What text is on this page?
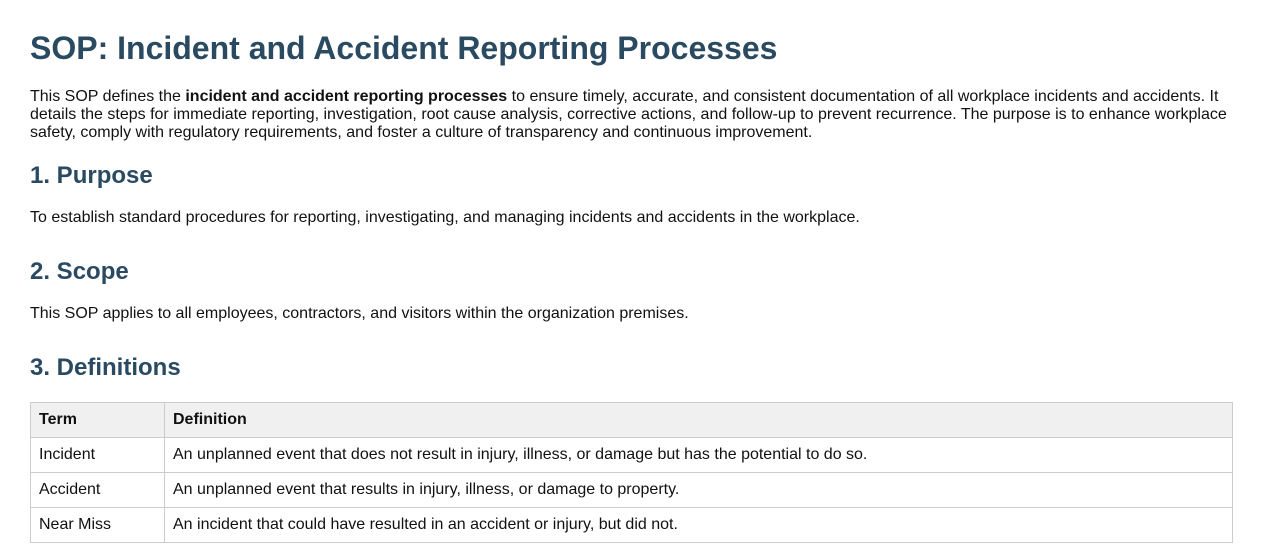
SOP: Incident and Accident Reporting Processes

This SOP defines the incident and accident reporting processes to ensure timely, accurate, and consistent documentation of all workplace incidents and accidents. It details the steps for immediate reporting, investigation, root cause analysis, corrective actions, and follow-up to prevent recurrence. The purpose is to enhance workplace safety, comply with regulatory requirements, and foster a culture of transparency and continuous improvement.

1. Purpose

To establish standard procedures for reporting, investigating, and managing incidents and accidents in the workplace.

2. Scope

This SOP applies to all employees, contractors, and visitors within the organization premises.

3. Definitions
Term	Definition
Incident	An unplanned event that does not result in injury, illness, or damage but has the potential to do so.
Accident	An unplanned event that results in injury, illness, or damage to property.
Near Miss	An incident that could have resulted in an accident or injury, but did not.
